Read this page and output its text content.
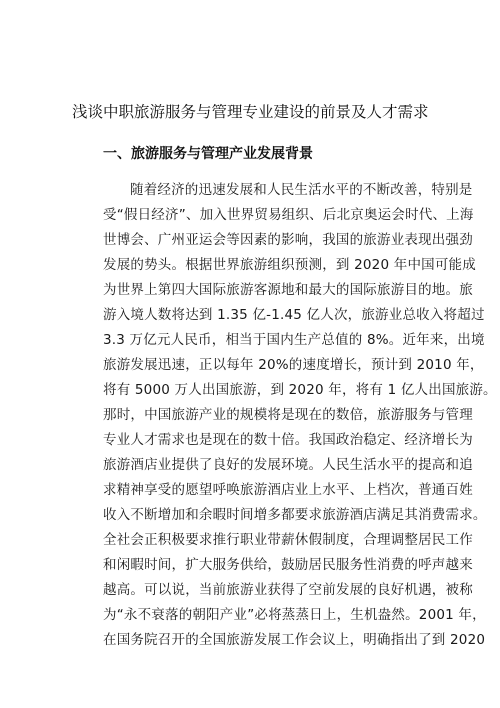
浅谈中职旅游服务与管理专业建设的前景及人才需求
一、旅游服务与管理产业发展背景
随着经济的迅速发展和人民生活水平的不断改善，特别是
受“假日经济”、加入世界贸易组织、后北京奥运会时代、上海
世博会、广州亚运会等因素的影响，我国的旅游业表现出强劲
发展的势头。根据世界旅游组织预测，到 2020 年中国可能成
为世界上第四大国际旅游客源地和最大的国际旅游目的地。旅
游入境人数将达到 1.35 亿-1.45 亿人次，旅游业总收入将超过
3.3 万亿元人民币，相当于国内生产总值的 8%。近年来，出境
旅游发展迅速，正以每年 20%的速度增长，预计到 2010 年，
将有 5000 万人出国旅游，到 2020 年，将有 1 亿人出国旅游。
那时，中国旅游产业的规模将是现在的数倍，旅游服务与管理
专业人才需求也是现在的数十倍。我国政治稳定、经济增长为
旅游酒店业提供了良好的发展环境。人民生活水平的提高和追
求精神享受的愿望呼唤旅游酒店业上水平、上档次，普通百姓
收入不断增加和余暇时间增多都要求旅游酒店满足其消费需求。
全社会正积极要求推行职业带薪休假制度，合理调整居民工作
和闲暇时间，扩大服务供给，鼓励居民服务性消费的呼声越来
越高。可以说，当前旅游业获得了空前发展的良好机遇，被称
为“永不衰落的朝阳产业”必将蒸蒸日上，生机盎然。2001 年，
在国务院召开的全国旅游发展工作会议上，明确指出了到 2020
